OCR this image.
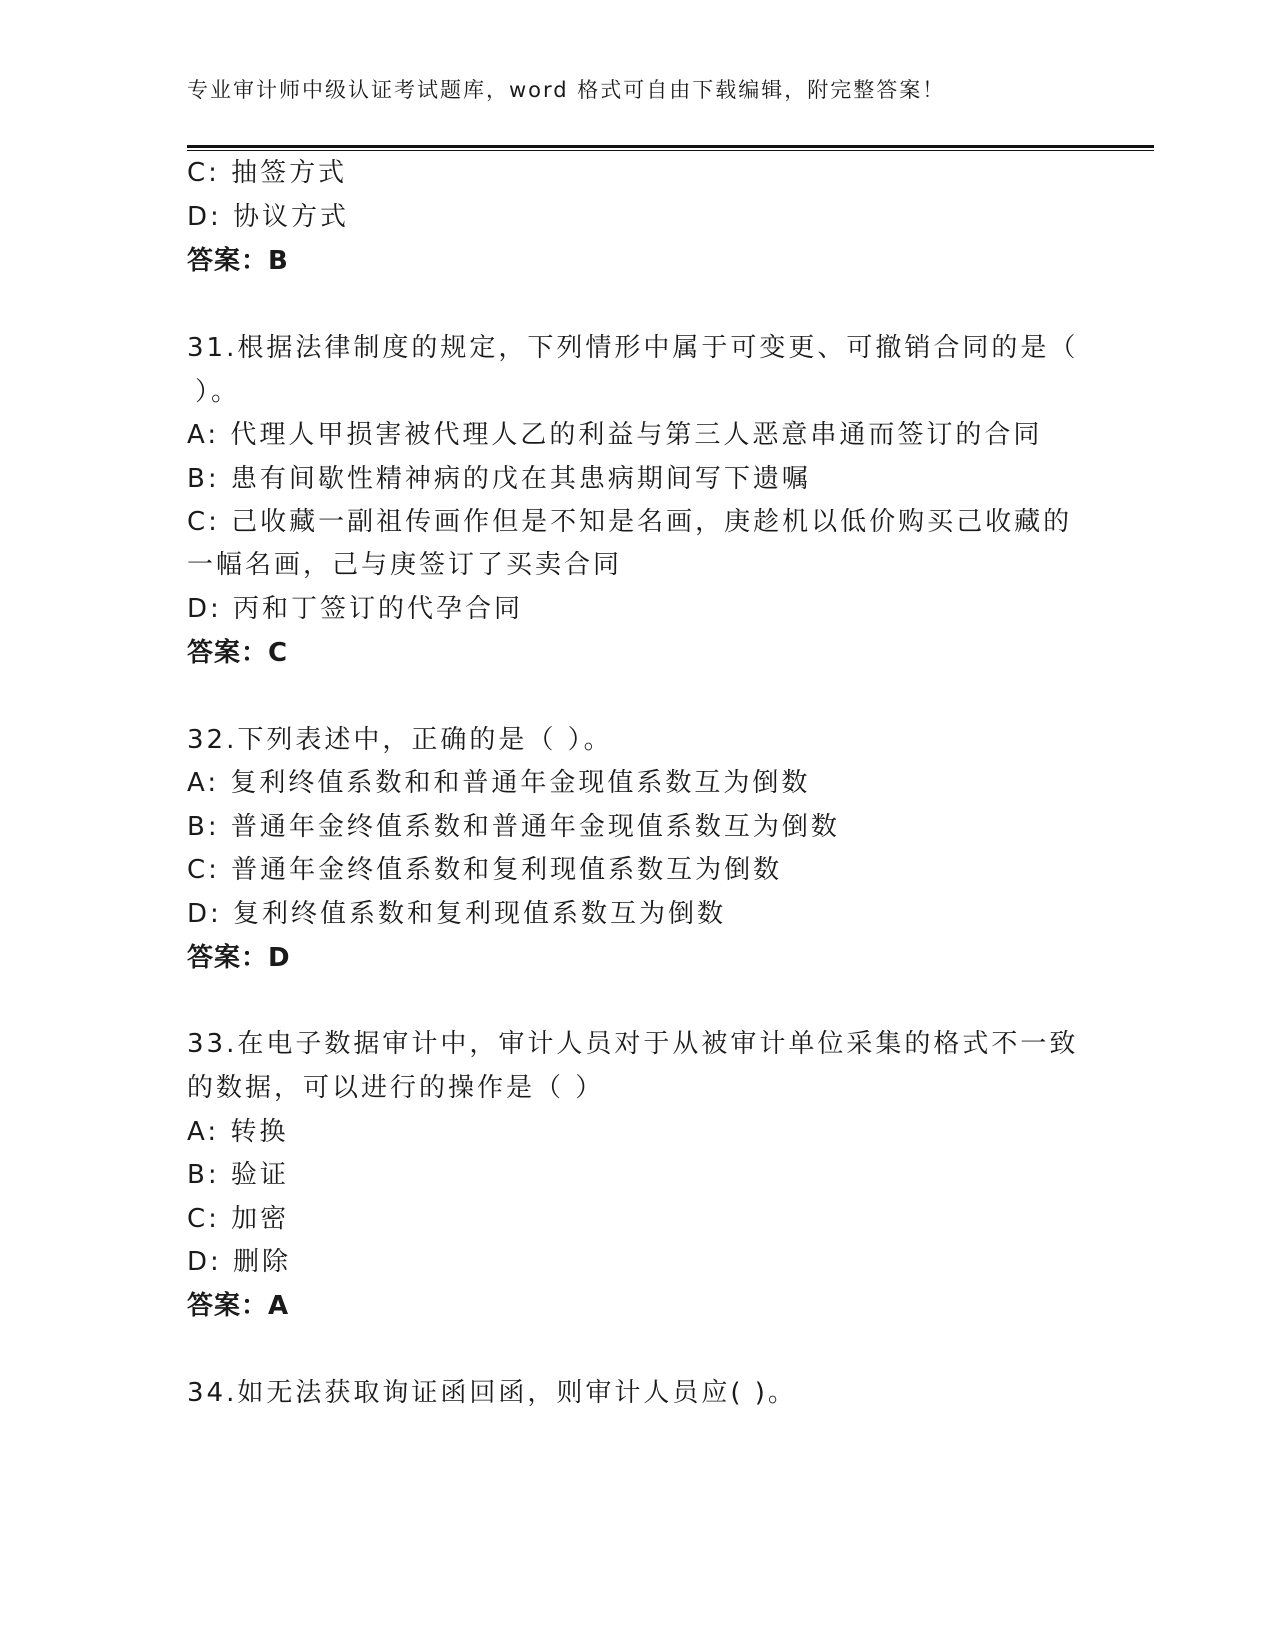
专业审计师中级认证考试题库，word 格式可自由下载编辑，附完整答案！
C: 抽签方式
D: 协议方式
答案：B
31.根据法律制度的规定，下列情形中属于可变更、可撤销合同的是（
）。
A: 代理人甲损害被代理人乙的利益与第三人恶意串通而签订的合同
B: 患有间歇性精神病的戊在其患病期间写下遗嘱
C: 己收藏一副祖传画作但是不知是名画，庚趁机以低价购买己收藏的
一幅名画，己与庚签订了买卖合同
D: 丙和丁签订的代孕合同
答案：C
32.下列表述中，正确的是（ ）。
A: 复利终值系数和和普通年金现值系数互为倒数
B: 普通年金终值系数和普通年金现值系数互为倒数
C: 普通年金终值系数和复利现值系数互为倒数
D: 复利终值系数和复利现值系数互为倒数
答案：D
33.在电子数据审计中，审计人员对于从被审计单位采集的格式不一致
的数据，可以进行的操作是（ ）
A: 转换
B: 验证
C: 加密
D: 删除
答案：A
34.如无法获取询证函回函，则审计人员应( )。
